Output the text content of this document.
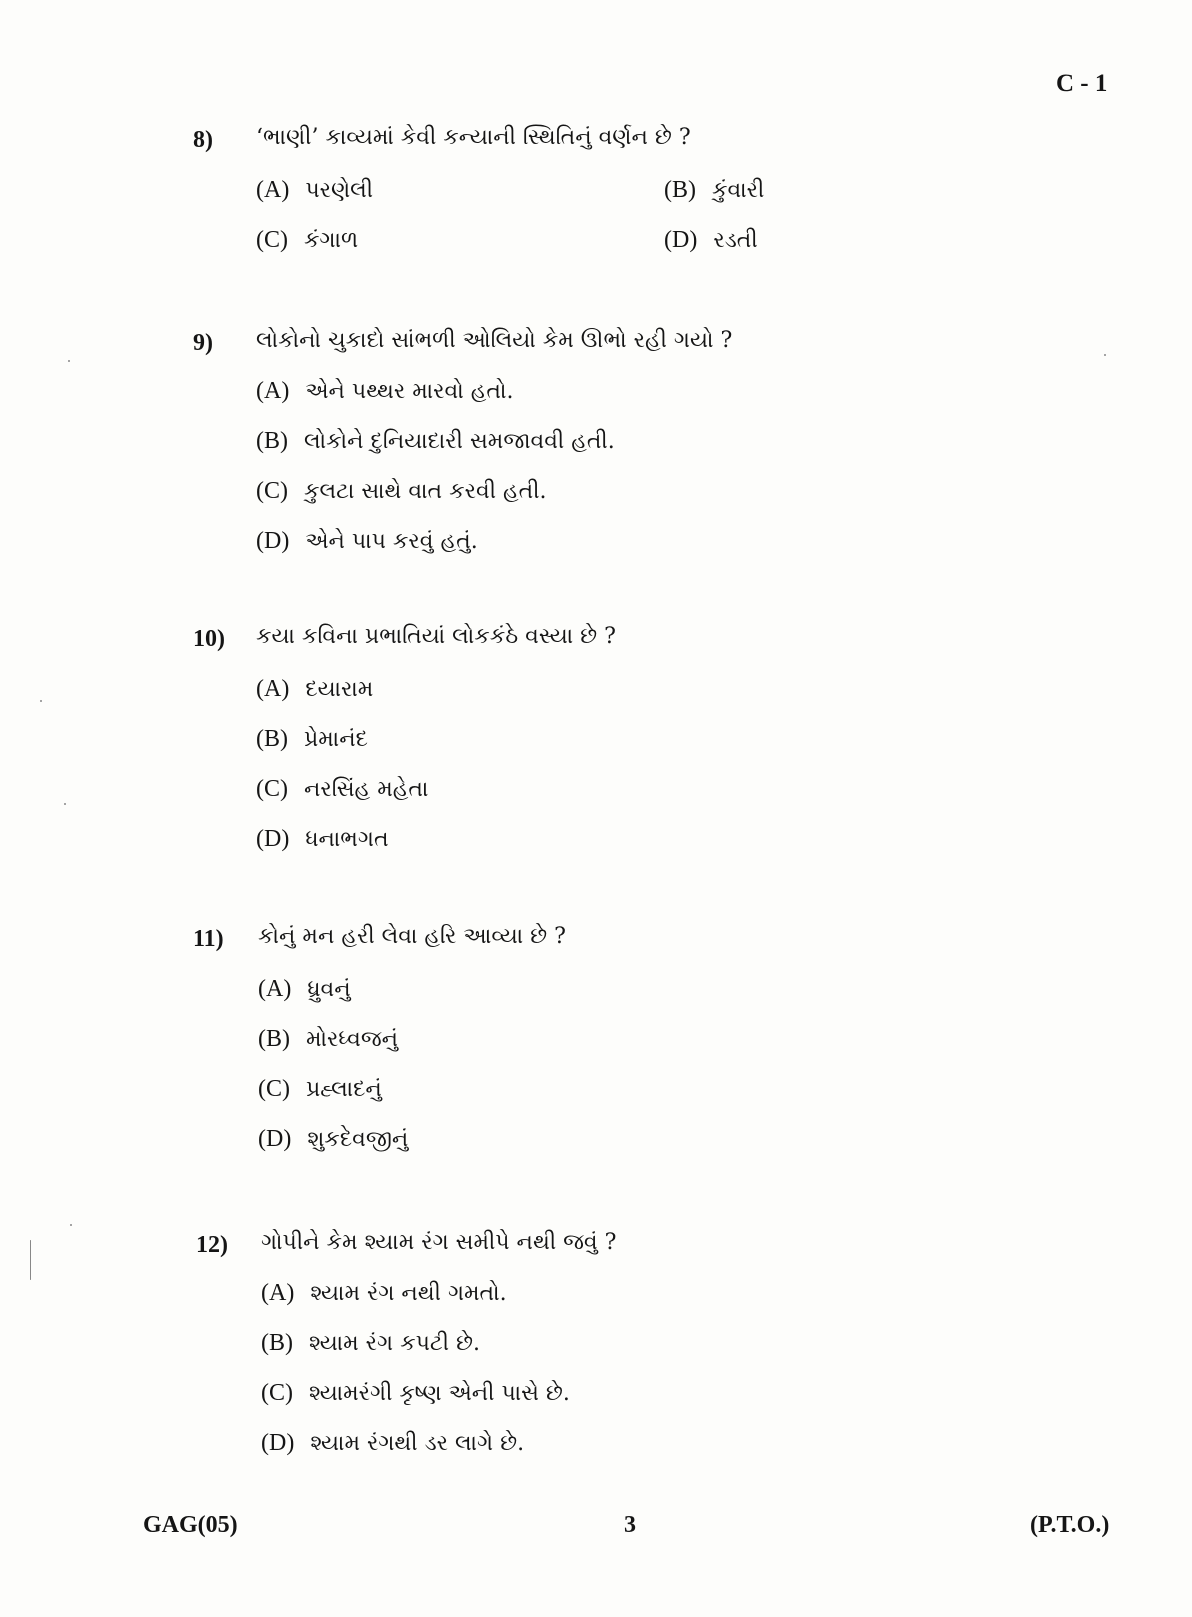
C - 1
8) ‘ભાણી’ કાવ્યમાં કેવી કન્યાની સ્થિતિનું વર્ણન છે ?
(A) પરણેલી	(B) કુંવારી
(C) કંગાળ	(D) રડતી
9) લોકોનો ચુકાદો સાંભળી ઓલિયો કેમ ઊભો રહી ગયો ?
(A) એને પથ્થર મારવો હતો.
(B) લોકોને દુનિયાદારી સમજાવવી હતી.
(C) કુલટા સાથે વાત કરવી હતી.
(D) એને પાપ કરવું હતું.
10) કયા કવિના પ્રભાતિયાં લોકકંઠે વસ્યા છે ?
(A) દયારામ
(B) પ્રેમાનંદ
(C) નરસિંહ મહેતા
(D) ધનાભગત
11) કોનું મન હરી લેવા હરિ આવ્યા છે ?
(A) ધ્રુવનું
(B) મોરધ્વજનું
(C) પ્રહ્લાદનું
(D) શુકદેવજીનું
12) ગોપીને કેમ શ્યામ રંગ સમીપે નથી જવું ?
(A) શ્યામ રંગ નથી ગમતો.
(B) શ્યામ રંગ કપટી છે.
(C) શ્યામરંગી કૃષ્ણ એની પાસે છે.
(D) શ્યામ રંગથી ડર લાગે છે.
GAG(05)	3	(P.T.O.)
